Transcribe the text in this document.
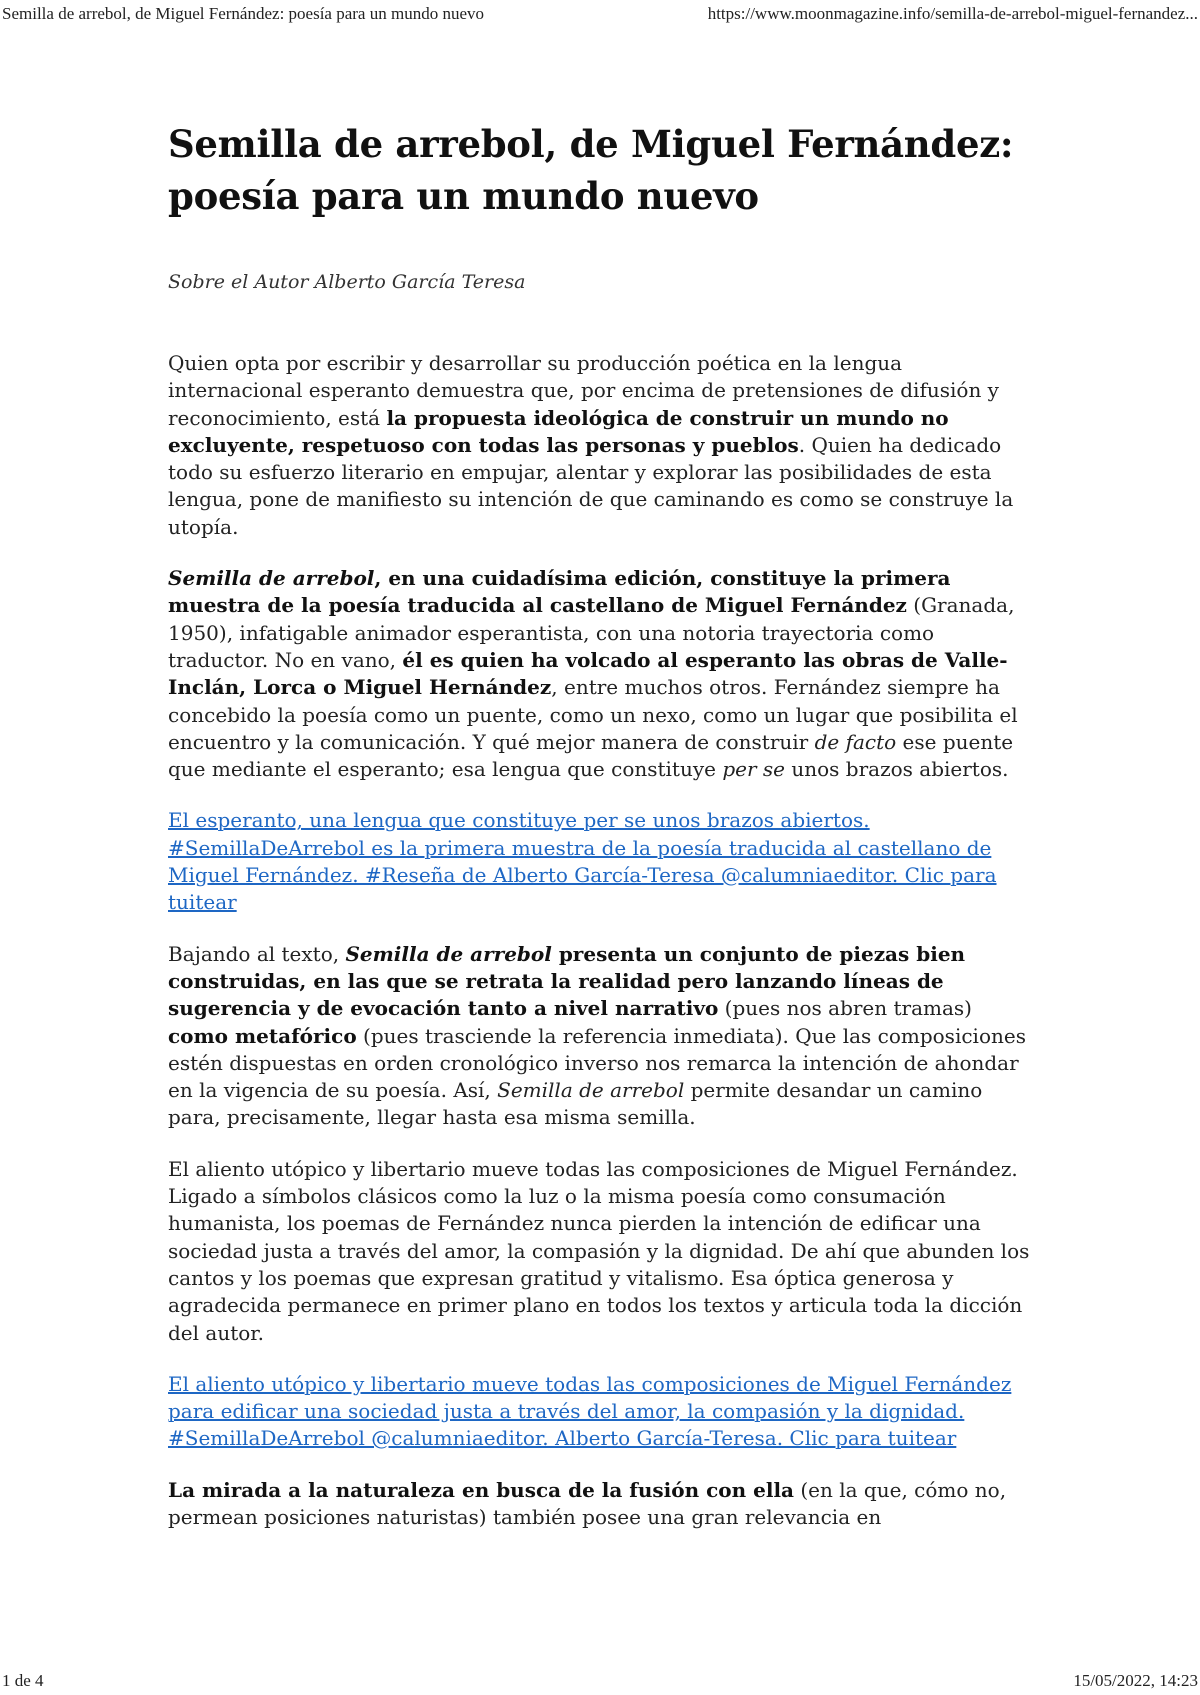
Semilla de arrebol, de Miguel Fernández: poesía para un mundo nuevo	https://www.moonmagazine.info/semilla-de-arrebol-miguel-fernandez...
Semilla de arrebol, de Miguel Fernández: poesía para un mundo nuevo
Sobre el Autor Alberto García Teresa

Quien opta por escribir y desarrollar su producción poética en la lengua internacional esperanto demuestra que, por encima de pretensiones de difusión y reconocimiento, está la propuesta ideológica de construir un mundo no excluyente, respetuoso con todas las personas y pueblos. Quien ha dedicado todo su esfuerzo literario en empujar, alentar y explorar las posibilidades de esta lengua, pone de manifiesto su intención de que caminando es como se construye la utopía.

Semilla de arrebol, en una cuidadísima edición, constituye la primera muestra de la poesía traducida al castellano de Miguel Fernández (Granada, 1950), infatigable animador esperantista, con una notoria trayectoria como traductor. No en vano, él es quien ha volcado al esperanto las obras de Valle-Inclán, Lorca o Miguel Hernández, entre muchos otros. Fernández siempre ha concebido la poesía como un puente, como un nexo, como un lugar que posibilita el encuentro y la comunicación. Y qué mejor manera de construir de facto ese puente que mediante el esperanto; esa lengua que constituye per se unos brazos abiertos.

El esperanto, una lengua que constituye per se unos brazos abiertos. #SemillaDeArrebol es la primera muestra de la poesía traducida al castellano de Miguel Fernández. #Reseña de Alberto García-Teresa @calumniaeditor. Clic para tuitear

Bajando al texto, Semilla de arrebol presenta un conjunto de piezas bien construidas, en las que se retrata la realidad pero lanzando líneas de sugerencia y de evocación tanto a nivel narrativo (pues nos abren tramas) como metafórico (pues trasciende la referencia inmediata). Que las composiciones estén dispuestas en orden cronológico inverso nos remarca la intención de ahondar en la vigencia de su poesía. Así, Semilla de arrebol permite desandar un camino para, precisamente, llegar hasta esa misma semilla.

El aliento utópico y libertario mueve todas las composiciones de Miguel Fernández. Ligado a símbolos clásicos como la luz o la misma poesía como consumación humanista, los poemas de Fernández nunca pierden la intención de edificar una sociedad justa a través del amor, la compasión y la dignidad. De ahí que abunden los cantos y los poemas que expresan gratitud y vitalismo. Esa óptica generosa y agradecida permanece en primer plano en todos los textos y articula toda la dicción del autor.

El aliento utópico y libertario mueve todas las composiciones de Miguel Fernández para edificar una sociedad justa a través del amor, la compasión y la dignidad. #SemillaDeArrebol @calumniaeditor. Alberto García-Teresa. Clic para tuitear

La mirada a la naturaleza en busca de la fusión con ella (en la que, cómo no, permean posiciones naturistas) también posee una gran relevancia en

1 de 4	15/05/2022, 14:23
